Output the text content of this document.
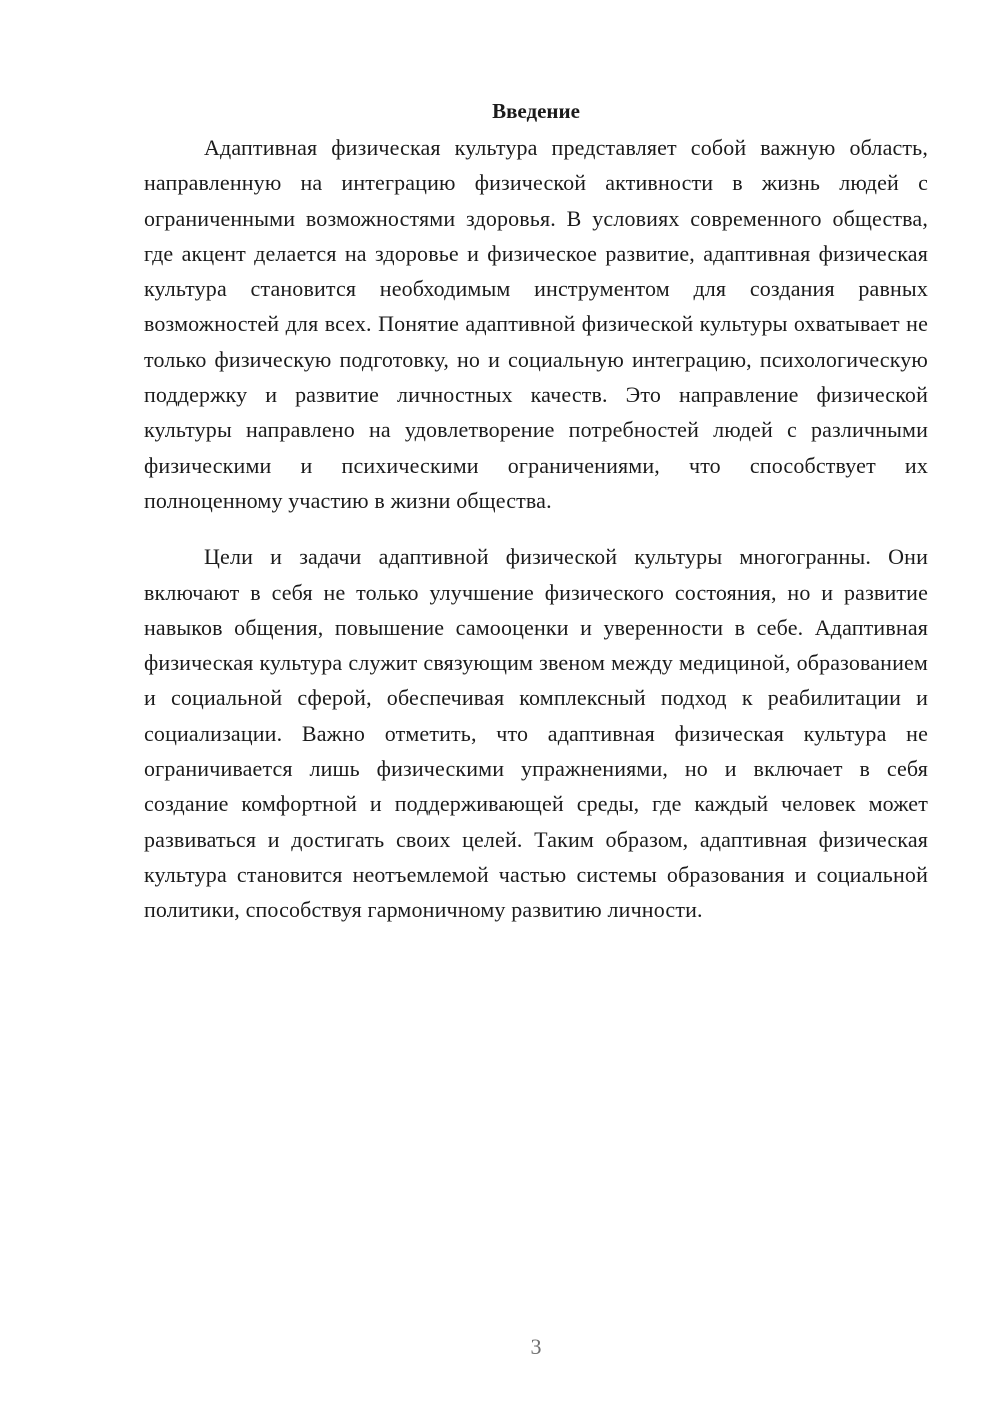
Введение

Адаптивная физическая культура представляет собой важную область, направленную на интеграцию физической активности в жизнь людей с ограниченными возможностями здоровья. В условиях современного общества, где акцент делается на здоровье и физическое развитие, адаптивная физическая культура становится необходимым инструментом для создания равных возможностей для всех. Понятие адаптивной физической культуры охватывает не только физическую подготовку, но и социальную интеграцию, психологическую поддержку и развитие личностных качеств. Это направление физической культуры направлено на удовлетворение потребностей людей с различными физическими и психическими ограничениями, что способствует их полноценному участию в жизни общества.

Цели и задачи адаптивной физической культуры многогранны. Они включают в себя не только улучшение физического состояния, но и развитие навыков общения, повышение самооценки и уверенности в себе. Адаптивная физическая культура служит связующим звеном между медициной, образованием и социальной сферой, обеспечивая комплексный подход к реабилитации и социализации. Важно отметить, что адаптивная физическая культура не ограничивается лишь физическими упражнениями, но и включает в себя создание комфортной и поддерживающей среды, где каждый человек может развиваться и достигать своих целей. Таким образом, адаптивная физическая культура становится неотъемлемой частью системы образования и социальной политики, способствуя гармоничному развитию личности.

3
